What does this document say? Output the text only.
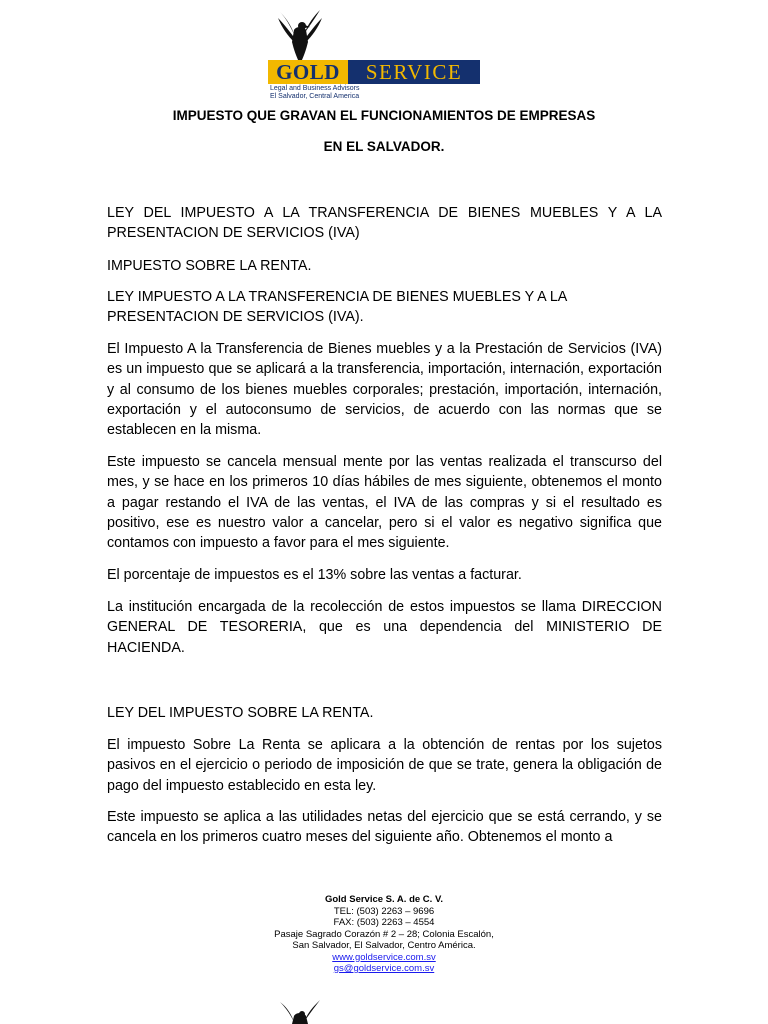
GOLD	SERVICE
Legal and Business Advisors
El Salvador, Central America
IMPUESTO QUE GRAVAN EL FUNCIONAMIENTOS DE EMPRESAS
EN EL SALVADOR.

LEY DEL IMPUESTO A LA TRANSFERENCIA DE BIENES MUEBLES Y A LA PRESENTACION DE SERVICIOS (IVA)

IMPUESTO SOBRE LA RENTA.

LEY IMPUESTO A LA TRANSFERENCIA DE BIENES MUEBLES Y A LA PRESENTACION DE SERVICIOS (IVA).

El Impuesto A la Transferencia de Bienes muebles y a la Prestación de Servicios (IVA) es un impuesto que se aplicará a la transferencia, importación, internación, exportación y al consumo de los bienes muebles corporales; prestación, importación, internación, exportación y el autoconsumo de servicios, de acuerdo con las normas que se establecen en la misma.

Este impuesto se cancela mensual mente por las ventas realizada el transcurso del mes, y se hace en los primeros 10 días hábiles de mes siguiente, obtenemos el monto a pagar restando el IVA de las ventas, el IVA de las compras y si el resultado es positivo, ese es nuestro valor a cancelar, pero si el valor es negativo significa que contamos con impuesto a favor para el mes siguiente.

El porcentaje de impuestos es el 13% sobre las ventas a facturar.

La institución encargada de la recolección de estos impuestos se llama DIRECCION GENERAL DE TESORERIA, que es una dependencia del MINISTERIO DE HACIENDA.

LEY DEL IMPUESTO SOBRE LA RENTA.

El impuesto Sobre La Renta se aplicara a la obtención de rentas por los sujetos pasivos en el ejercicio o periodo de imposición de que se trate, genera la obligación de pago del impuesto establecido en esta ley.

Este impuesto se aplica a las utilidades netas del ejercicio que se está cerrando, y se cancela en los primeros cuatro meses del siguiente año. Obtenemos el monto a

Gold Service S. A. de C. V.
TEL: (503) 2263 – 9696
FAX: (503) 2263 – 4554
Pasaje Sagrado Corazón # 2 – 28; Colonia Escalón,
San Salvador, El Salvador, Centro América.
www.goldservice.com.sv
gs@goldservice.com.sv
